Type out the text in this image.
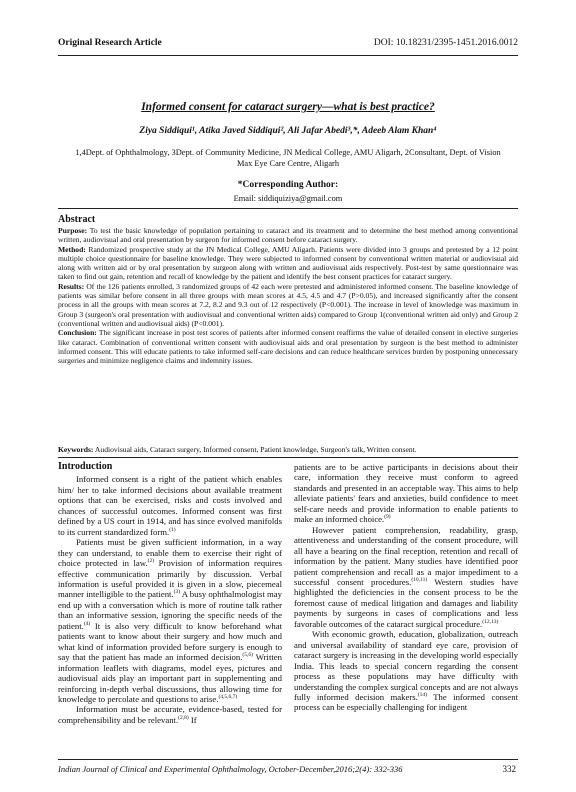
Original Research Article	DOI: 10.18231/2395-1451.2016.0012
Informed consent for cataract surgery—what is best practice?
Ziya Siddiqui¹, Atika Javed Siddiqui², Ali Jafar Abedi³,*, Adeeb Alam Khan⁴
1,4Dept. of Ophthalmology, 3Dept. of Community Medicine, JN Medical College, AMU Aligarh, 2Consultant, Dept. of Vision Max Eye Care Centre, Aligarh
*Corresponding Author:
Email: siddiquiziya@gmail.com
Abstract

Purpose: To test the basic knowledge of population pertaining to cataract and its treatment and to determine the best method among conventional written, audiovisual and oral presentation by surgeon for informed consent before cataract surgery.

Method: Randomized prospective study at the JN Medical College, AMU Aligarh. Patients were divided into 3 groups and pretested by a 12 point multiple choice questionnaire for baseline knowledge. They were subjected to informed consent by conventional written material or audiovisual aid along with written aid or by oral presentation by surgeon along with written and audiovisual aids respectively. Post-test by same questionnaire was taken to find out gain, retention and recall of knowledge by the patient and identify the best consent practices for cataract surgery.

Results: Of the 126 patients enrolled, 3 randomized groups of 42 each were pretested and administered informed consent. The baseline knowledge of patients was similar before consent in all three groups with mean scores at 4.5, 4.5 and 4.7 (P>0.05), and increased significantly after the consent process in all the groups with mean scores at 7.2, 8.2 and 9.3 out of 12 respectively (P<0.001). The increase in level of knowledge was maximum in Group 3 (surgeon's oral presentation with audiovisual and conventional written aids) compared to Group 1(conventional written aid only) and Group 2 (conventional written and audiovisual aids) (P<0.001).

Conclusion: The significant increase in post test scores of patients after informed consent reaffirms the value of detailed consent in elective surgeries like cataract. Combination of conventional written consent with audiovisual aids and oral presentation by surgeon is the best method to administer informed consent. This will educate patients to take informed self-care decisions and can reduce healthcare services burden by postponing unnecessary surgeries and minimize negligence claims and indemnity issues.

Keywords: Audiovisual aids, Cataract surgery, Informed consent, Patient knowledge, Surgeon's talk, Written consent.
Introduction

Informed consent is a right of the patient which enables him/ her to take informed decisions about available treatment options that can be exercised, risks and costs involved and chances of successful outcomes. Informed consent was first defined by a US court in 1914, and has since evolved manifolds to its current standardized form.$^{(1)}$

Patients must be given sufficient information, in a way they can understand, to enable them to exercise their right of choice protected in law.$^{(2)}$ Provision of information requires effective communication primarily by discussion. Verbal information is useful provided it is given in a slow, piecemeal manner intelligible to the patient.$^{(3)}$ A busy ophthalmologist may end up with a conversation which is more of routine talk rather than an informative session, ignoring the specific needs of the patient.$^{(4)}$ It is also very difficult to know beforehand what patients want to know about their surgery and how much and what kind of information provided before surgery is enough to say that the patient has made an informed decision.$^{(5,6)}$ Written information leaflets with diagrams, model eyes, pictures and audiovisual aids play an important part in supplementing and reinforcing in-depth verbal discussions, thus allowing time for knowledge to percolate and questions to arise.$^{(4,5,6,7)}$

Information must be accurate, evidence-based, tested for comprehensibility and be relevant.$^{(2,8)}$ If

patients are to be active participants in decisions about their care, information they receive must conform to agreed standards and presented in an acceptable way. This aims to help alleviate patients' fears and anxieties, build confidence to meet self-care needs and provide information to enable patients to make an informed choice.$^{(9)}$

However patient comprehension, readability, grasp, attentiveness and understanding of the consent procedure, will all have a bearing on the final reception, retention and recall of information by the patient. Many studies have identified poor patient comprehension and recall as a major impediment to a successful consent procedures.$^{(10,11)}$ Western studies have highlighted the deficiencies in the consent process to be the foremost cause of medical litigation and damages and liability payments by surgeons in cases of complications and less favorable outcomes of the cataract surgical procedure.$^{(12,13)}$

With economic growth, education, globalization, outreach and universal availability of standard eye care, provision of cataract surgery is increasing in the developing world especially India. This leads to special concern regarding the consent process as these populations may have difficulty with understanding the complex surgical concepts and are not always fully informed decision makers.$^{(14)}$ The informed consent process can be especially challenging for indigent

Indian Journal of Clinical and Experimental Ophthalmology, October-December,2016;2(4): 332-336	332
